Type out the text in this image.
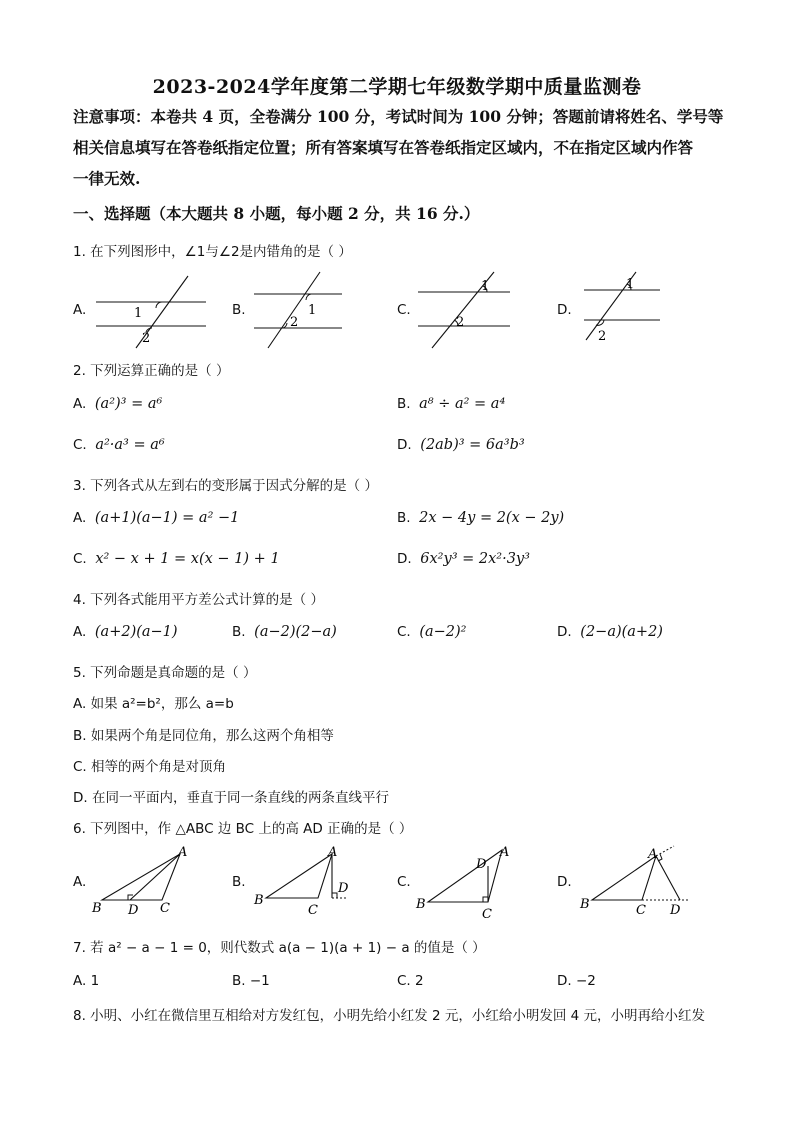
2023-2024学年度第二学期七年级数学期中质量监测卷
注意事项：本卷共 4 页，全卷满分 100 分，考试时间为 100 分钟；答题前请将姓名、学号等
相关信息填写在答卷纸指定位置；所有答案填写在答卷纸指定区域内，不在指定区域内作答
一律无效.
一、选择题（本大题共 8 小题，每小题 2 分，共 16 分.）
1. 在下列图形中，∠1与∠2是内错角的是（ ）
A.	B.	C.	D.
1
2
1
2
1
2
1
2
2. 下列运算正确的是（ ）
A. (a²)³ = a⁶	B. a⁸ ÷ a² = a⁴
C. a²·a³ = a⁶	D. (2ab)³ = 6a³b³
3. 下列各式从左到右的变形属于因式分解的是（ ）
A. (a+1)(a−1) = a² −1	B. 2x − 4y = 2(x − 2y)
C. x² − x + 1 = x(x − 1) + 1	D. 6x²y³ = 2x²·3y³
4. 下列各式能用平方差公式计算的是（ ）
A. (a+2)(a−1)	B. (a−2)(2−a)	C. (a−2)²	D. (2−a)(a+2)
5. 下列命题是真命题的是（ ）
A. 如果 a²=b²，那么 a=b
B. 如果两个角是同位角，那么这两个角相等
C. 相等的两个角是对顶角
D. 在同一平面内，垂直于同一条直线的两条直线平行
6. 下列图中，作 △ABC 边 BC 上的高 AD 正确的是（ ）
A.	B.	C.	D.
A
B D C
A
B
C
D
A
B
C
D
A
B	C D
7. 若 a² − a − 1 = 0，则代数式 a(a − 1)(a + 1) − a 的值是（ ）
A. 1	B. −1	C. 2	D. −2
8. 小明、小红在微信里互相给对方发红包，小明先给小红发 2 元，小红给小明发回 4 元，小明再给小红发
